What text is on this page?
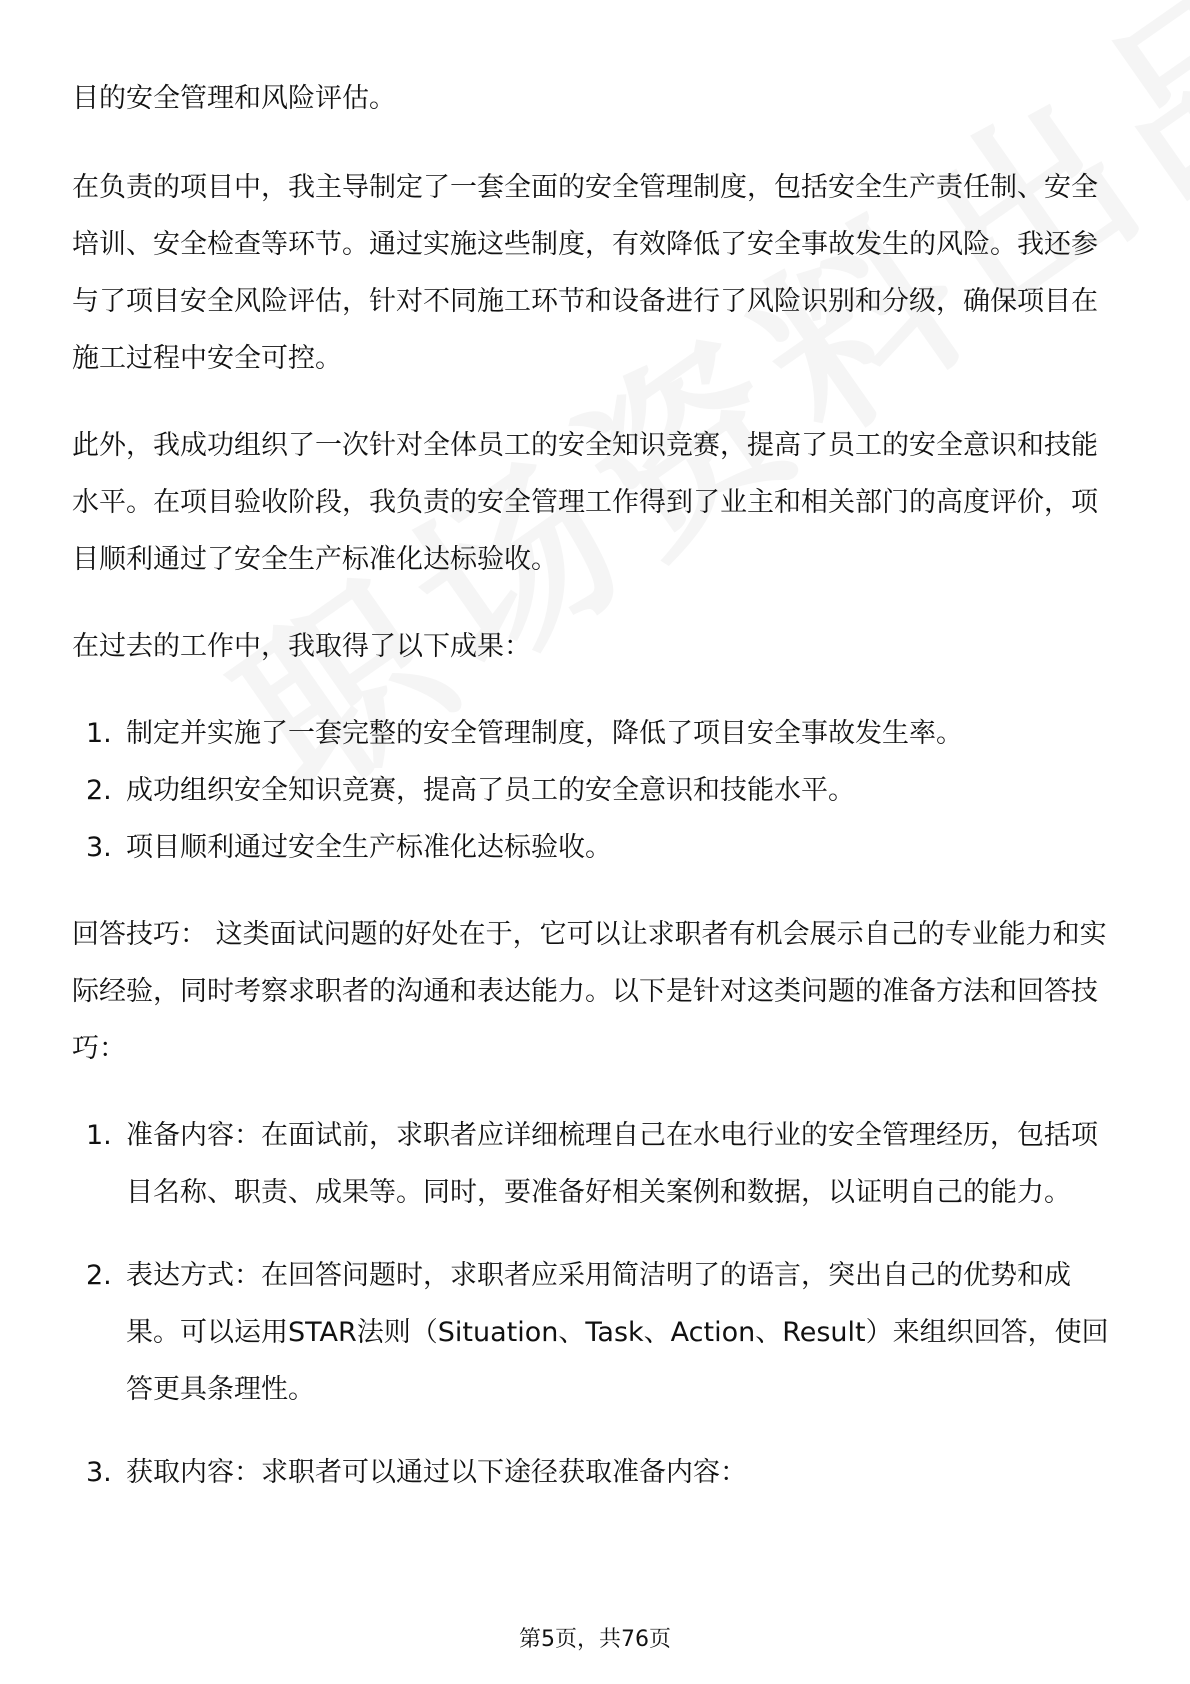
目的安全管理和风险评估。

在负责的项目中，我主导制定了一套全面的安全管理制度，包括安全生产责任制、安全培训、安全检查等环节。通过实施这些制度，有效降低了安全事故发生的风险。我还参与了项目安全风险评估，针对不同施工环节和设备进行了风险识别和分级，确保项目在施工过程中安全可控。

此外，我成功组织了一次针对全体员工的安全知识竞赛，提高了员工的安全意识和技能水平。在项目验收阶段，我负责的安全管理工作得到了业主和相关部门的高度评价，项目顺利通过了安全生产标准化达标验收。

在过去的工作中，我取得了以下成果：

1. 制定并实施了一套完整的安全管理制度，降低了项目安全事故发生率。
2. 成功组织安全知识竞赛，提高了员工的安全意识和技能水平。
3. 项目顺利通过安全生产标准化达标验收。

回答技巧： 这类面试问题的好处在于，它可以让求职者有机会展示自己的专业能力和实际经验，同时考察求职者的沟通和表达能力。以下是针对这类问题的准备方法和回答技巧：

1. 准备内容：在面试前，求职者应详细梳理自己在水电行业的安全管理经历，包括项目名称、职责、成果等。同时，要准备好相关案例和数据，以证明自己的能力。
2. 表达方式：在回答问题时，求职者应采用简洁明了的语言，突出自己的优势和成果。可以运用STAR法则（Situation、Task、Action、Result）来组织回答，使回答更具条理性。
3. 获取内容：求职者可以通过以下途径获取准备内容：
第5页，共76页
